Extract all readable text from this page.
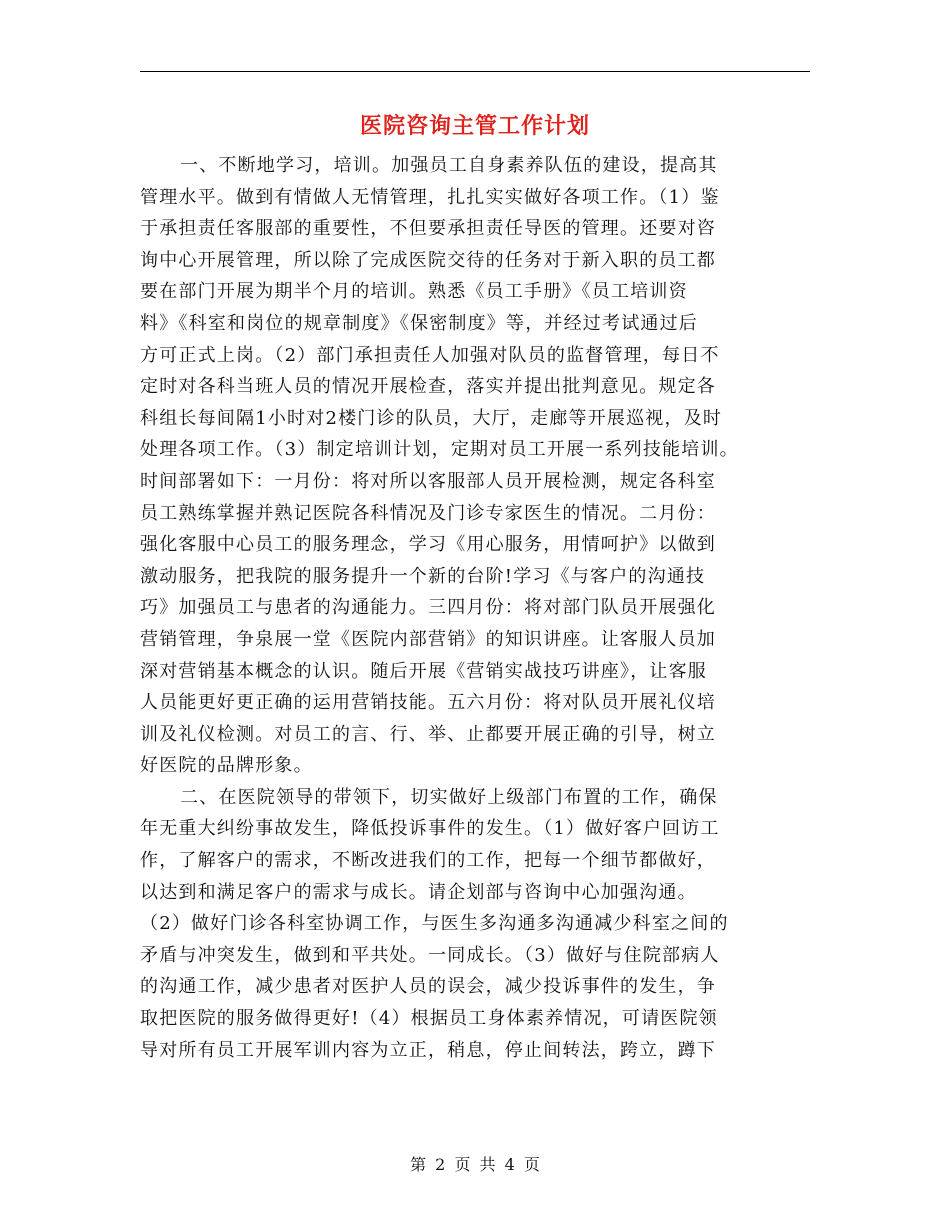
医院咨询主管工作计划
一、不断地学习，培训。加强员工自身素养队伍的建设，提高其
管理水平。做到有情做人无情管理，扎扎实实做好各项工作。（1）鉴
于承担责任客服部的重要性，不但要承担责任导医的管理。还要对咨
询中心开展管理，所以除了完成医院交待的任务对于新入职的员工都
要在部门开展为期半个月的培训。熟悉《员工手册》《员工培训资
料》《科室和岗位的规章制度》《保密制度》等，并经过考试通过后
方可正式上岗。（2）部门承担责任人加强对队员的监督管理，每日不
定时对各科当班人员的情况开展检查，落实并提出批判意见。规定各
科组长每间隔1小时对2楼门诊的队员，大厅，走廊等开展巡视，及时
处理各项工作。（3）制定培训计划，定期对员工开展一系列技能培训。
时间部署如下：一月份：将对所以客服部人员开展检测，规定各科室
员工熟练掌握并熟记医院各科情况及门诊专家医生的情况。二月份：
强化客服中心员工的服务理念，学习《用心服务，用情呵护》以做到
激动服务，把我院的服务提升一个新的台阶!学习《与客户的沟通技
巧》加强员工与患者的沟通能力。三四月份：将对部门队员开展强化
营销管理，争泉展一堂《医院内部营销》的知识讲座。让客服人员加
深对营销基本概念的认识。随后开展《营销实战技巧讲座》，让客服
人员能更好更正确的运用营销技能。五六月份：将对队员开展礼仪培
训及礼仪检测。对员工的言、行、举、止都要开展正确的引导，树立
好医院的品牌形象。
二、在医院领导的带领下，切实做好上级部门布置的工作，确保
年无重大纠纷事故发生，降低投诉事件的发生。（1）做好客户回访工
作，了解客户的需求，不断改进我们的工作，把每一个细节都做好，
以达到和满足客户的需求与成长。请企划部与咨询中心加强沟通。
（2）做好门诊各科室协调工作，与医生多沟通多沟通减少科室之间的
矛盾与冲突发生，做到和平共处。一同成长。（3）做好与住院部病人
的沟通工作，减少患者对医护人员的误会，减少投诉事件的发生，争
取把医院的服务做得更好!（4）根据员工身体素养情况，可请医院领
导对所有员工开展军训内容为立正，稍息，停止间转法，跨立，蹲下
第 2 页 共 4 页
